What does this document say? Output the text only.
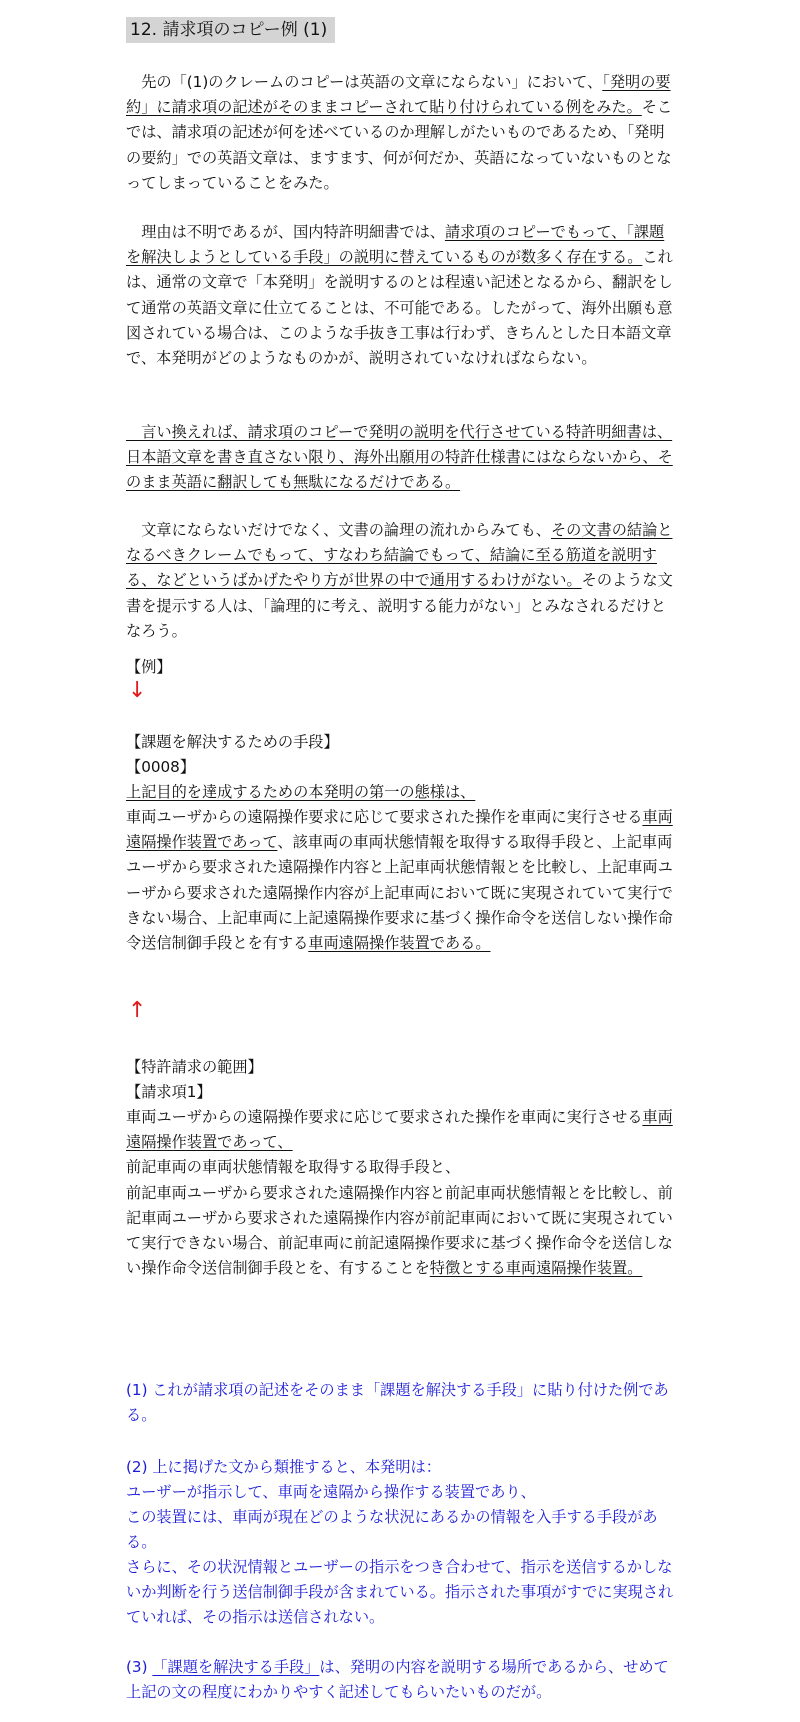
12. 請求項のコピー例 (1)
　先の「(1)のクレームのコピーは英語の文章にならない」において、「発明の要約」に請求項の記述がそのままコピーされて貼り付けられている例をみた。そこでは、請求項の記述が何を述べているのか理解しがたいものであるため、「発明の要約」での英語文章は、ますます、何が何だか、英語になっていないものとなってしまっていることをみた。
　理由は不明であるが、国内特許明細書では、請求項のコピーでもって、「課題を解決しようとしている手段」の説明に替えているものが数多く存在する。これは、通常の文章で「本発明」を説明するのとは程遠い記述となるから、翻訳をして通常の英語文章に仕立てることは、不可能である。したがって、海外出願も意図されている場合は、このような手抜き工事は行わず、きちんとした日本語文章で、本発明がどのようなものかが、説明されていなければならない。
　言い換えれば、請求項のコピーで発明の説明を代行させている特許明細書は、日本語文章を書き直さない限り、海外出願用の特許仕様書にはならないから、そのまま英語に翻訳しても無駄になるだけである。
　文章にならないだけでなく、文書の論理の流れからみても、その文書の結論となるべきクレームでもって、すなわち結論でもって、結論に至る筋道を説明する、などというばかげたやり方が世界の中で通用するわけがない。そのような文書を提示する人は、「論理的に考え、説明する能力がない」とみなされるだけとなろう。
【例】
↓
【課題を解決するための手段】
【0008】
上記目的を達成するための本発明の第一の態様は、
車両ユーザからの遠隔操作要求に応じて要求された操作を車両に実行させる車両遠隔操作装置であって、該車両の車両状態情報を取得する取得手段と、上記車両ユーザから要求された遠隔操作内容と上記車両状態情報とを比較し、上記車両ユーザから要求された遠隔操作内容が上記車両において既に実現されていて実行できない場合、上記車両に上記遠隔操作要求に基づく操作命令を送信しない操作命令送信制御手段とを有する車両遠隔操作装置である。
↑
【特許請求の範囲】
【請求項1】
車両ユーザからの遠隔操作要求に応じて要求された操作を車両に実行させる車両遠隔操作装置であって、
前記車両の車両状態情報を取得する取得手段と、
前記車両ユーザから要求された遠隔操作内容と前記車両状態情報とを比較し、前記車両ユーザから要求された遠隔操作内容が前記車両において既に実現されていて実行できない場合、前記車両に前記遠隔操作要求に基づく操作命令を送信しない操作命令送信制御手段とを、有することを特徴とする車両遠隔操作装置。
(1) これが請求項の記述をそのまま「課題を解決する手段」に貼り付けた例である。
(2) 上に掲げた文から類推すると、本発明は：
ユーザーが指示して、車両を遠隔から操作する装置であり、
この装置には、車両が現在どのような状況にあるかの情報を入手する手段がある。
さらに、その状況情報とユーザーの指示をつき合わせて、指示を送信するかしないか判断を行う送信制御手段が含まれている。指示された事項がすでに実現されていれば、その指示は送信されない。
(3) 「課題を解決する手段」は、発明の内容を説明する場所であるから、せめて上記の文の程度にわかりやすく記述してもらいたいものだが。
